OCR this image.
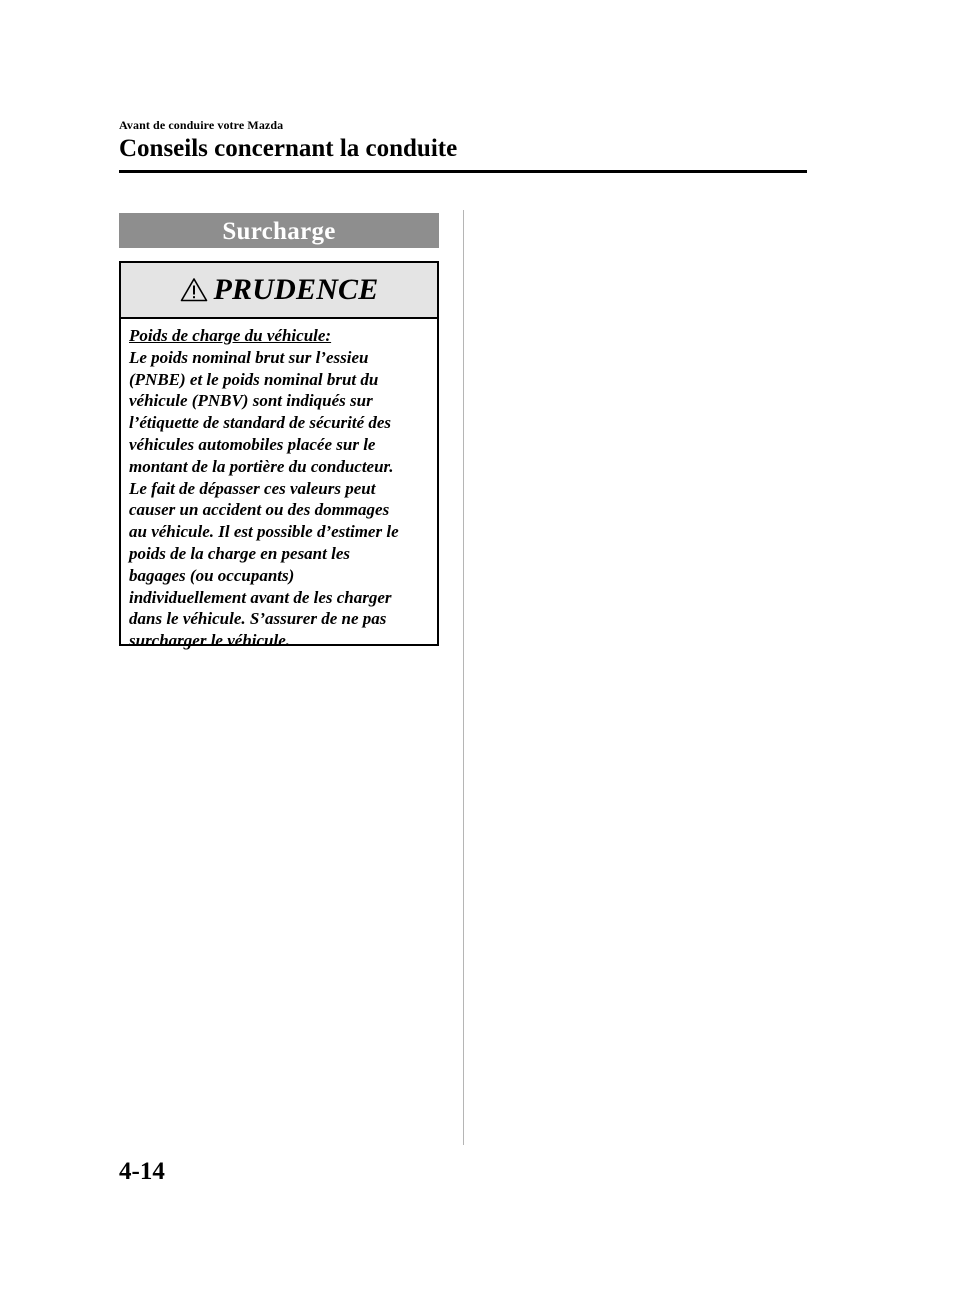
Avant de conduire votre Mazda
Conseils concernant la conduite
Surcharge
PRUDENCE
Poids de charge du véhicule:
Le poids nominal brut sur l’essieu
(PNBE) et le poids nominal brut du
véhicule (PNBV) sont indiqués sur
l’étiquette de standard de sécurité des
véhicules automobiles placée sur le
montant de la portière du conducteur.
Le fait de dépasser ces valeurs peut
causer un accident ou des dommages
au véhicule. Il est possible d’estimer le
poids de la charge en pesant les
bagages (ou occupants)
individuellement avant de les charger
dans le véhicule. S’assurer de ne pas
surcharger le véhicule.
4-14
